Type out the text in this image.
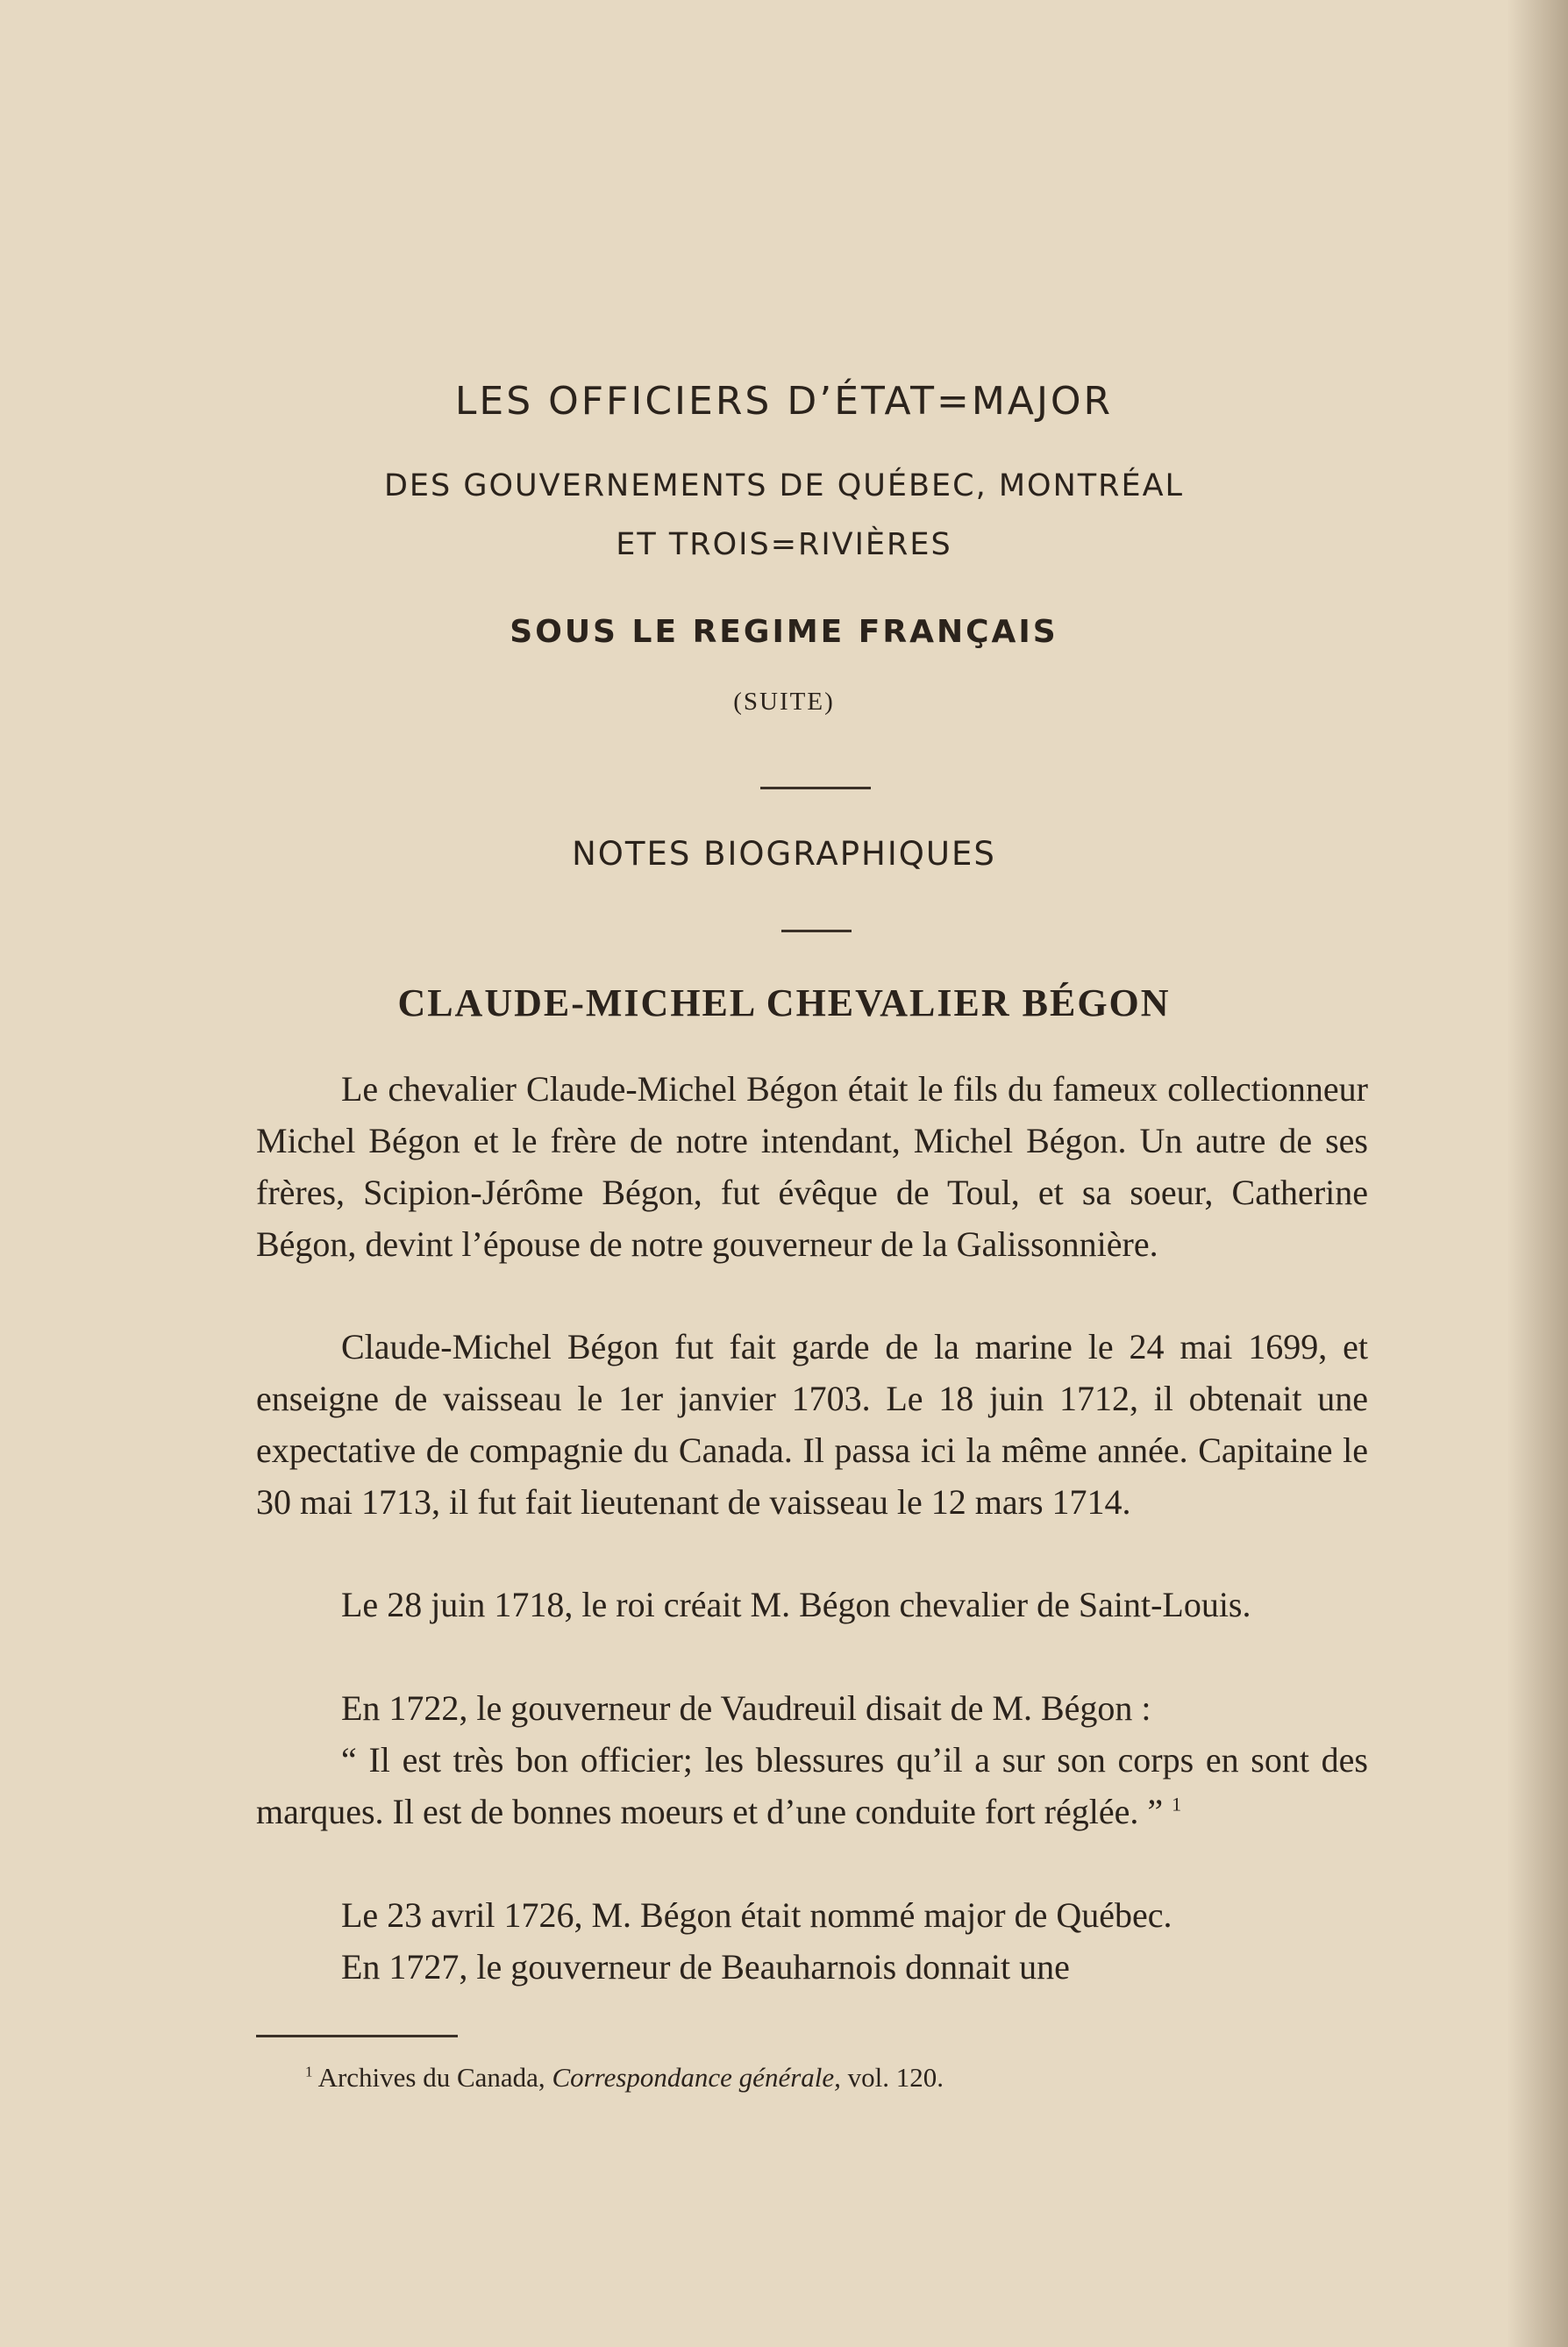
LES OFFICIERS D’ÉTAT=MAJOR
DES GOUVERNEMENTS DE QUÉBEC, MONTRÉAL
ET TROIS=RIVIÈRES
SOUS LE REGIME FRANÇAIS
(SUITE)
NOTES BIOGRAPHIQUES
CLAUDE-MICHEL CHEVALIER BÉGON

Le chevalier Claude-Michel Bégon était le fils du fameux collectionneur Michel Bégon et le frère de notre intendant, Michel Bégon. Un autre de ses frères, Scipion-Jérôme Bégon, fut évêque de Toul, et sa soeur, Catherine Bégon, devint l’épouse de notre gouverneur de la Galissonnière.

Claude-Michel Bégon fut fait garde de la marine le 24 mai 1699, et enseigne de vaisseau le 1er janvier 1703. Le 18 juin 1712, il obtenait une expectative de compagnie du Canada. Il passa ici la même année. Capitaine le 30 mai 1713, il fut fait lieutenant de vaisseau le 12 mars 1714.

Le 28 juin 1718, le roi créait M. Bégon chevalier de Saint-Louis.

En 1722, le gouverneur de Vaudreuil disait de M. Bégon :

“ Il est très bon officier; les blessures qu’il a sur son corps en sont des marques. Il est de bonnes moeurs et d’une conduite fort réglée. ” $^1$

Le 23 avril 1726, M. Bégon était nommé major de Québec.

En 1727, le gouverneur de Beauharnois donnait une

$^1$ Archives du Canada, Correspondance générale, vol. 120.
